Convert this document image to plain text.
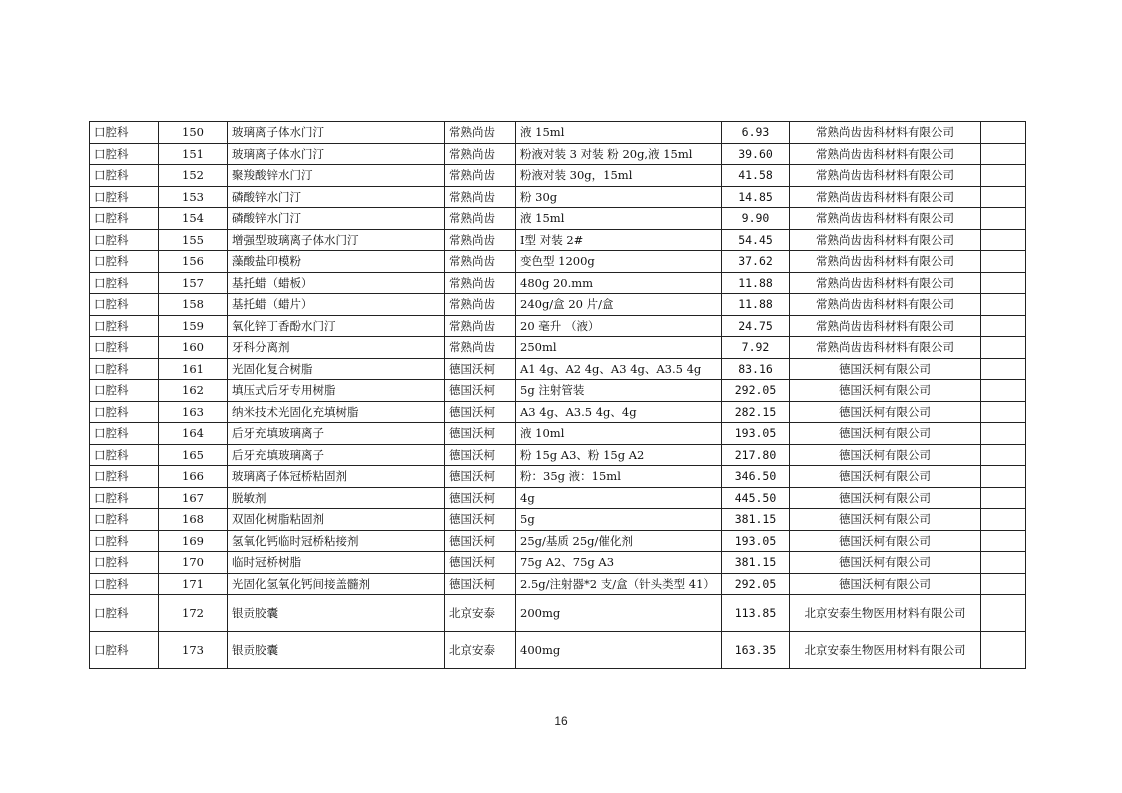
口腔科	150	玻璃离子体水门汀	常熟尚齿	液 15ml	6.93	常熟尚齿齿科材料有限公司	
口腔科	151	玻璃离子体水门汀	常熟尚齿	粉液对装 3 对装 粉 20g,液 15ml	39.60	常熟尚齿齿科材料有限公司	
口腔科	152	聚羧酸锌水门汀	常熟尚齿	粉液对装 30g，15ml	41.58	常熟尚齿齿科材料有限公司	
口腔科	153	磷酸锌水门汀	常熟尚齿	粉 30g	14.85	常熟尚齿齿科材料有限公司	
口腔科	154	磷酸锌水门汀	常熟尚齿	液 15ml	9.90	常熟尚齿齿科材料有限公司	
口腔科	155	增强型玻璃离子体水门汀	常熟尚齿	Ⅰ型 对装 2#	54.45	常熟尚齿齿科材料有限公司	
口腔科	156	藻酸盐印模粉	常熟尚齿	变色型 1200g	37.62	常熟尚齿齿科材料有限公司	
口腔科	157	基托蜡（蜡板）	常熟尚齿	480g 20.mm	11.88	常熟尚齿齿科材料有限公司	
口腔科	158	基托蜡（蜡片）	常熟尚齿	240g/盒 20 片/盒	11.88	常熟尚齿齿科材料有限公司	
口腔科	159	氧化锌丁香酚水门汀	常熟尚齿	20 毫升 （液）	24.75	常熟尚齿齿科材料有限公司	
口腔科	160	牙科分离剂	常熟尚齿	250ml	7.92	常熟尚齿齿科材料有限公司	
口腔科	161	光固化复合树脂	德国沃柯	A1 4g、A2 4g、A3 4g、A3.5 4g	83.16	德国沃柯有限公司	
口腔科	162	填压式后牙专用树脂	德国沃柯	5g 注射管装	292.05	德国沃柯有限公司	
口腔科	163	纳米技术光固化充填树脂	德国沃柯	A3 4g、A3.5 4g、4g	282.15	德国沃柯有限公司	
口腔科	164	后牙充填玻璃离子	德国沃柯	液 10ml	193.05	德国沃柯有限公司	
口腔科	165	后牙充填玻璃离子	德国沃柯	粉 15g A3、粉 15g A2	217.80	德国沃柯有限公司	
口腔科	166	玻璃离子体冠桥粘固剂	德国沃柯	粉：35g 液：15ml	346.50	德国沃柯有限公司	
口腔科	167	脱敏剂	德国沃柯	4g	445.50	德国沃柯有限公司	
口腔科	168	双固化树脂粘固剂	德国沃柯	5g	381.15	德国沃柯有限公司	
口腔科	169	氢氧化钙临时冠桥粘接剂	德国沃柯	25g/基质 25g/催化剂	193.05	德国沃柯有限公司	
口腔科	170	临时冠桥树脂	德国沃柯	75g A2、75g A3	381.15	德国沃柯有限公司	
口腔科	171	光固化氢氧化钙间接盖髓剂	德国沃柯	2.5g/注射器*2 支/盒（针头类型 41）	292.05	德国沃柯有限公司	
口腔科	172	银贡胶囊	北京安泰	200mg	113.85	北京安泰生物医用材料有限公司	
口腔科	173	银贡胶囊	北京安泰	400mg	163.35	北京安泰生物医用材料有限公司	
16
